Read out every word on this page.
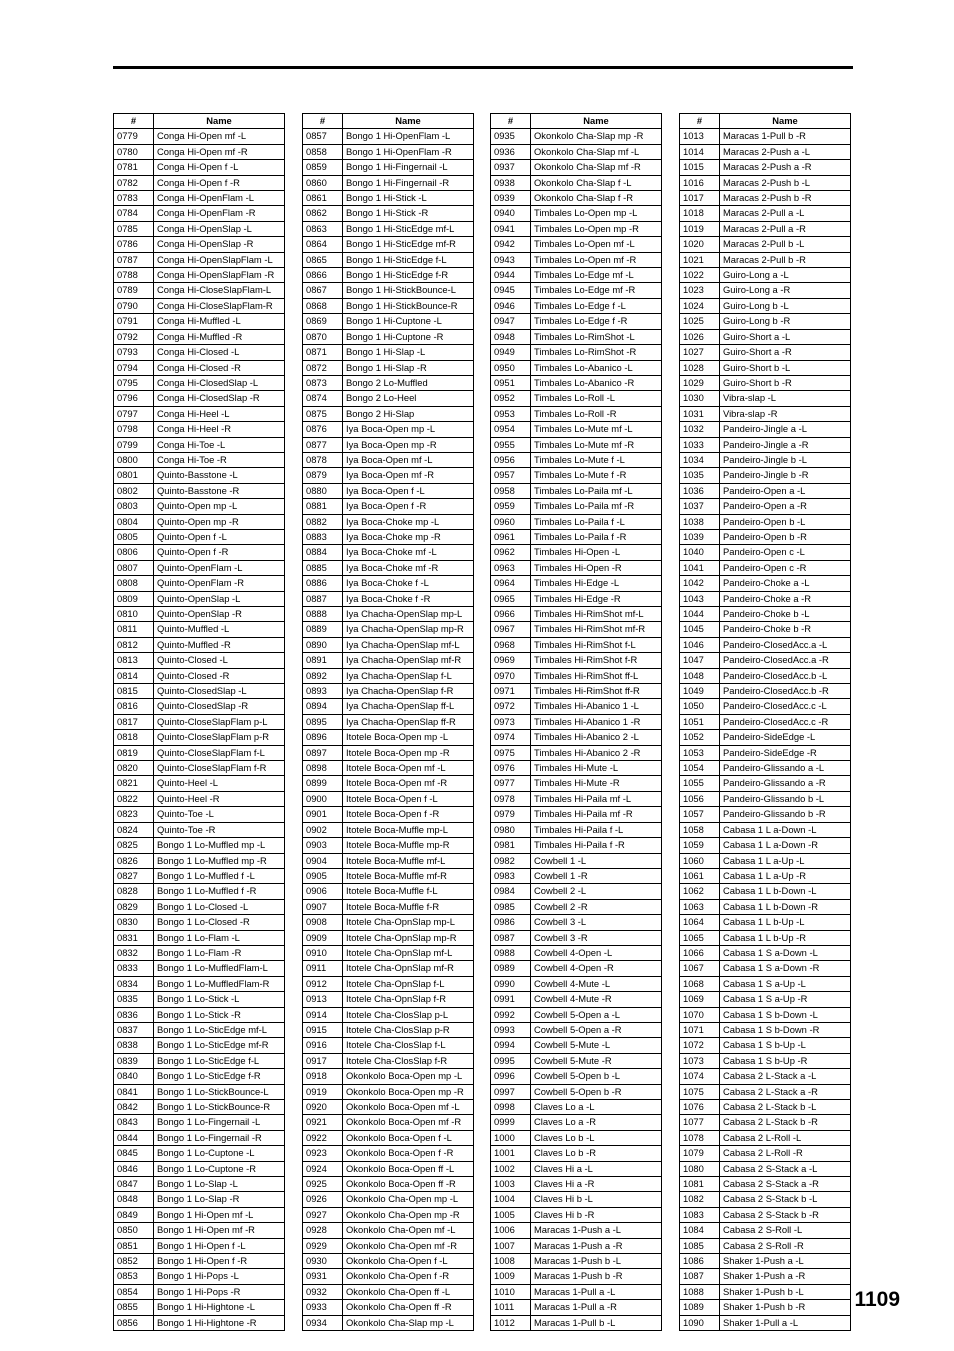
#	Name
0779	Conga Hi-Open mf -L
0780	Conga Hi-Open mf -R
0781	Conga Hi-Open f -L
0782	Conga Hi-Open f -R
0783	Conga Hi-OpenFlam -L
0784	Conga Hi-OpenFlam -R
0785	Conga Hi-OpenSlap -L
0786	Conga Hi-OpenSlap -R
0787	Conga Hi-OpenSlapFlam -L
0788	Conga Hi-OpenSlapFlam -R
0789	Conga Hi-CloseSlapFlam-L
0790	Conga Hi-CloseSlapFlam-R
0791	Conga Hi-Muffled -L
0792	Conga Hi-Muffled -R
0793	Conga Hi-Closed -L
0794	Conga Hi-Closed -R
0795	Conga Hi-ClosedSlap -L
0796	Conga Hi-ClosedSlap -R
0797	Conga Hi-Heel -L
0798	Conga Hi-Heel -R
0799	Conga Hi-Toe -L
0800	Conga Hi-Toe -R
0801	Quinto-Basstone -L
0802	Quinto-Basstone -R
0803	Quinto-Open mp -L
0804	Quinto-Open mp -R
0805	Quinto-Open f -L
0806	Quinto-Open f -R
0807	Quinto-OpenFlam -L
0808	Quinto-OpenFlam -R
0809	Quinto-OpenSlap -L
0810	Quinto-OpenSlap -R
0811	Quinto-Muffled -L
0812	Quinto-Muffled -R
0813	Quinto-Closed -L
0814	Quinto-Closed -R
0815	Quinto-ClosedSlap -L
0816	Quinto-ClosedSlap -R
0817	Quinto-CloseSlapFlam p-L
0818	Quinto-CloseSlapFlam p-R
0819	Quinto-CloseSlapFlam f-L
0820	Quinto-CloseSlapFlam f-R
0821	Quinto-Heel -L
0822	Quinto-Heel -R
0823	Quinto-Toe -L
0824	Quinto-Toe -R
0825	Bongo 1 Lo-Muffled mp -L
0826	Bongo 1 Lo-Muffled mp -R
0827	Bongo 1 Lo-Muffled f -L
0828	Bongo 1 Lo-Muffled f -R
0829	Bongo 1 Lo-Closed -L
0830	Bongo 1 Lo-Closed -R
0831	Bongo 1 Lo-Flam -L
0832	Bongo 1 Lo-Flam -R
0833	Bongo 1 Lo-MuffledFlam-L
0834	Bongo 1 Lo-MuffledFlam-R
0835	Bongo 1 Lo-Stick -L
0836	Bongo 1 Lo-Stick -R
0837	Bongo 1 Lo-SticEdge mf-L
0838	Bongo 1 Lo-SticEdge mf-R
0839	Bongo 1 Lo-SticEdge f-L
0840	Bongo 1 Lo-SticEdge f-R
0841	Bongo 1 Lo-StickBounce-L
0842	Bongo 1 Lo-StickBounce-R
0843	Bongo 1 Lo-Fingernail -L
0844	Bongo 1 Lo-Fingernail -R
0845	Bongo 1 Lo-Cuptone -L
0846	Bongo 1 Lo-Cuptone -R
0847	Bongo 1 Lo-Slap -L
0848	Bongo 1 Lo-Slap -R
0849	Bongo 1 Hi-Open mf -L
0850	Bongo 1 Hi-Open mf -R
0851	Bongo 1 Hi-Open f -L
0852	Bongo 1 Hi-Open f -R
0853	Bongo 1 Hi-Pops -L
0854	Bongo 1 Hi-Pops -R
0855	Bongo 1 Hi-Hightone -L
0856	Bongo 1 Hi-Hightone -R
#	Name
0857	Bongo 1 Hi-OpenFlam -L
0858	Bongo 1 Hi-OpenFlam -R
0859	Bongo 1 Hi-Fingernail -L
0860	Bongo 1 Hi-Fingernail -R
0861	Bongo 1 Hi-Stick -L
0862	Bongo 1 Hi-Stick -R
0863	Bongo 1 Hi-SticEdge mf-L
0864	Bongo 1 Hi-SticEdge mf-R
0865	Bongo 1 Hi-SticEdge f-L
0866	Bongo 1 Hi-SticEdge f-R
0867	Bongo 1 Hi-StickBounce-L
0868	Bongo 1 Hi-StickBounce-R
0869	Bongo 1 Hi-Cuptone -L
0870	Bongo 1 Hi-Cuptone -R
0871	Bongo 1 Hi-Slap -L
0872	Bongo 1 Hi-Slap -R
0873	Bongo 2 Lo-Muffled
0874	Bongo 2 Lo-Heel
0875	Bongo 2 Hi-Slap
0876	Iya Boca-Open mp -L
0877	Iya Boca-Open mp -R
0878	Iya Boca-Open mf -L
0879	Iya Boca-Open mf -R
0880	Iya Boca-Open f -L
0881	Iya Boca-Open f -R
0882	Iya Boca-Choke mp -L
0883	Iya Boca-Choke mp -R
0884	Iya Boca-Choke mf -L
0885	Iya Boca-Choke mf -R
0886	Iya Boca-Choke f -L
0887	Iya Boca-Choke f -R
0888	Iya Chacha-OpenSlap mp-L
0889	Iya Chacha-OpenSlap mp-R
0890	Iya Chacha-OpenSlap mf-L
0891	Iya Chacha-OpenSlap mf-R
0892	Iya Chacha-OpenSlap f-L
0893	Iya Chacha-OpenSlap f-R
0894	Iya Chacha-OpenSlap ff-L
0895	Iya Chacha-OpenSlap ff-R
0896	Itotele Boca-Open mp -L
0897	Itotele Boca-Open mp -R
0898	Itotele Boca-Open mf -L
0899	Itotele Boca-Open mf -R
0900	Itotele Boca-Open f -L
0901	Itotele Boca-Open f -R
0902	Itotele Boca-Muffle mp-L
0903	Itotele Boca-Muffle mp-R
0904	Itotele Boca-Muffle mf-L
0905	Itotele Boca-Muffle mf-R
0906	Itotele Boca-Muffle f-L
0907	Itotele Boca-Muffle f-R
0908	Itotele Cha-OpnSlap mp-L
0909	Itotele Cha-OpnSlap mp-R
0910	Itotele Cha-OpnSlap mf-L
0911	Itotele Cha-OpnSlap mf-R
0912	Itotele Cha-OpnSlap f-L
0913	Itotele Cha-OpnSlap f-R
0914	Itotele Cha-ClosSlap p-L
0915	Itotele Cha-ClosSlap p-R
0916	Itotele Cha-ClosSlap f-L
0917	Itotele Cha-ClosSlap f-R
0918	Okonkolo Boca-Open mp -L
0919	Okonkolo Boca-Open mp -R
0920	Okonkolo Boca-Open mf -L
0921	Okonkolo Boca-Open mf -R
0922	Okonkolo Boca-Open f -L
0923	Okonkolo Boca-Open f -R
0924	Okonkolo Boca-Open ff -L
0925	Okonkolo Boca-Open ff -R
0926	Okonkolo Cha-Open mp -L
0927	Okonkolo Cha-Open mp -R
0928	Okonkolo Cha-Open mf -L
0929	Okonkolo Cha-Open mf -R
0930	Okonkolo Cha-Open f -L
0931	Okonkolo Cha-Open f -R
0932	Okonkolo Cha-Open ff -L
0933	Okonkolo Cha-Open ff -R
0934	Okonkolo Cha-Slap mp -L
#	Name
0935	Okonkolo Cha-Slap mp -R
0936	Okonkolo Cha-Slap mf -L
0937	Okonkolo Cha-Slap mf -R
0938	Okonkolo Cha-Slap f -L
0939	Okonkolo Cha-Slap f -R
0940	Timbales Lo-Open mp -L
0941	Timbales Lo-Open mp -R
0942	Timbales Lo-Open mf -L
0943	Timbales Lo-Open mf -R
0944	Timbales Lo-Edge mf -L
0945	Timbales Lo-Edge mf -R
0946	Timbales Lo-Edge f -L
0947	Timbales Lo-Edge f -R
0948	Timbales Lo-RimShot -L
0949	Timbales Lo-RimShot -R
0950	Timbales Lo-Abanico -L
0951	Timbales Lo-Abanico -R
0952	Timbales Lo-Roll -L
0953	Timbales Lo-Roll -R
0954	Timbales Lo-Mute mf -L
0955	Timbales Lo-Mute mf -R
0956	Timbales Lo-Mute f -L
0957	Timbales Lo-Mute f -R
0958	Timbales Lo-Paila mf -L
0959	Timbales Lo-Paila mf -R
0960	Timbales Lo-Paila f -L
0961	Timbales Lo-Paila f -R
0962	Timbales Hi-Open -L
0963	Timbales Hi-Open -R
0964	Timbales Hi-Edge -L
0965	Timbales Hi-Edge -R
0966	Timbales Hi-RimShot mf-L
0967	Timbales Hi-RimShot mf-R
0968	Timbales Hi-RimShot f-L
0969	Timbales Hi-RimShot f-R
0970	Timbales Hi-RimShot ff-L
0971	Timbales Hi-RimShot ff-R
0972	Timbales Hi-Abanico 1 -L
0973	Timbales Hi-Abanico 1 -R
0974	Timbales Hi-Abanico 2 -L
0975	Timbales Hi-Abanico 2 -R
0976	Timbales Hi-Mute -L
0977	Timbales Hi-Mute -R
0978	Timbales Hi-Paila mf -L
0979	Timbales Hi-Paila mf -R
0980	Timbales Hi-Paila f -L
0981	Timbales Hi-Paila f -R
0982	Cowbell 1 -L
0983	Cowbell 1 -R
0984	Cowbell 2 -L
0985	Cowbell 2 -R
0986	Cowbell 3 -L
0987	Cowbell 3 -R
0988	Cowbell 4-Open -L
0989	Cowbell 4-Open -R
0990	Cowbell 4-Mute -L
0991	Cowbell 4-Mute -R
0992	Cowbell 5-Open a -L
0993	Cowbell 5-Open a -R
0994	Cowbell 5-Mute -L
0995	Cowbell 5-Mute -R
0996	Cowbell 5-Open b -L
0997	Cowbell 5-Open b -R
0998	Claves Lo a -L
0999	Claves Lo a -R
1000	Claves Lo b -L
1001	Claves Lo b -R
1002	Claves Hi a -L
1003	Claves Hi a -R
1004	Claves Hi b -L
1005	Claves Hi b -R
1006	Maracas 1-Push a -L
1007	Maracas 1-Push a -R
1008	Maracas 1-Push b -L
1009	Maracas 1-Push b -R
1010	Maracas 1-Pull a -L
1011	Maracas 1-Pull a -R
1012	Maracas 1-Pull b -L
#	Name
1013	Maracas 1-Pull b -R
1014	Maracas 2-Push a -L
1015	Maracas 2-Push a -R
1016	Maracas 2-Push b -L
1017	Maracas 2-Push b -R
1018	Maracas 2-Pull a -L
1019	Maracas 2-Pull a -R
1020	Maracas 2-Pull b -L
1021	Maracas 2-Pull b -R
1022	Guiro-Long a -L
1023	Guiro-Long a -R
1024	Guiro-Long b -L
1025	Guiro-Long b -R
1026	Guiro-Short a -L
1027	Guiro-Short a -R
1028	Guiro-Short b -L
1029	Guiro-Short b -R
1030	Vibra-slap -L
1031	Vibra-slap -R
1032	Pandeiro-Jingle a -L
1033	Pandeiro-Jingle a -R
1034	Pandeiro-Jingle b -L
1035	Pandeiro-Jingle b -R
1036	Pandeiro-Open a -L
1037	Pandeiro-Open a -R
1038	Pandeiro-Open b -L
1039	Pandeiro-Open b -R
1040	Pandeiro-Open c -L
1041	Pandeiro-Open c -R
1042	Pandeiro-Choke a -L
1043	Pandeiro-Choke a -R
1044	Pandeiro-Choke b -L
1045	Pandeiro-Choke b -R
1046	Pandeiro-ClosedAcc.a -L
1047	Pandeiro-ClosedAcc.a -R
1048	Pandeiro-ClosedAcc.b -L
1049	Pandeiro-ClosedAcc.b -R
1050	Pandeiro-ClosedAcc.c -L
1051	Pandeiro-ClosedAcc.c -R
1052	Pandeiro-SideEdge -L
1053	Pandeiro-SideEdge -R
1054	Pandeiro-Glissando a -L
1055	Pandeiro-Glissando a -R
1056	Pandeiro-Glissando b -L
1057	Pandeiro-Glissando b -R
1058	Cabasa 1 L a-Down -L
1059	Cabasa 1 L a-Down -R
1060	Cabasa 1 L a-Up -L
1061	Cabasa 1 L a-Up -R
1062	Cabasa 1 L b-Down -L
1063	Cabasa 1 L b-Down -R
1064	Cabasa 1 L b-Up -L
1065	Cabasa 1 L b-Up -R
1066	Cabasa 1 S a-Down -L
1067	Cabasa 1 S a-Down -R
1068	Cabasa 1 S a-Up -L
1069	Cabasa 1 S a-Up -R
1070	Cabasa 1 S b-Down -L
1071	Cabasa 1 S b-Down -R
1072	Cabasa 1 S b-Up -L
1073	Cabasa 1 S b-Up -R
1074	Cabasa 2 L-Stack a -L
1075	Cabasa 2 L-Stack a -R
1076	Cabasa 2 L-Stack b -L
1077	Cabasa 2 L-Stack b -R
1078	Cabasa 2 L-Roll -L
1079	Cabasa 2 L-Roll -R
1080	Cabasa 2 S-Stack a -L
1081	Cabasa 2 S-Stack a -R
1082	Cabasa 2 S-Stack b -L
1083	Cabasa 2 S-Stack b -R
1084	Cabasa 2 S-Roll -L
1085	Cabasa 2 S-Roll -R
1086	Shaker 1-Push a -L
1087	Shaker 1-Push a -R
1088	Shaker 1-Push b -L
1089	Shaker 1-Push b -R
1090	Shaker 1-Pull a -L
1109
